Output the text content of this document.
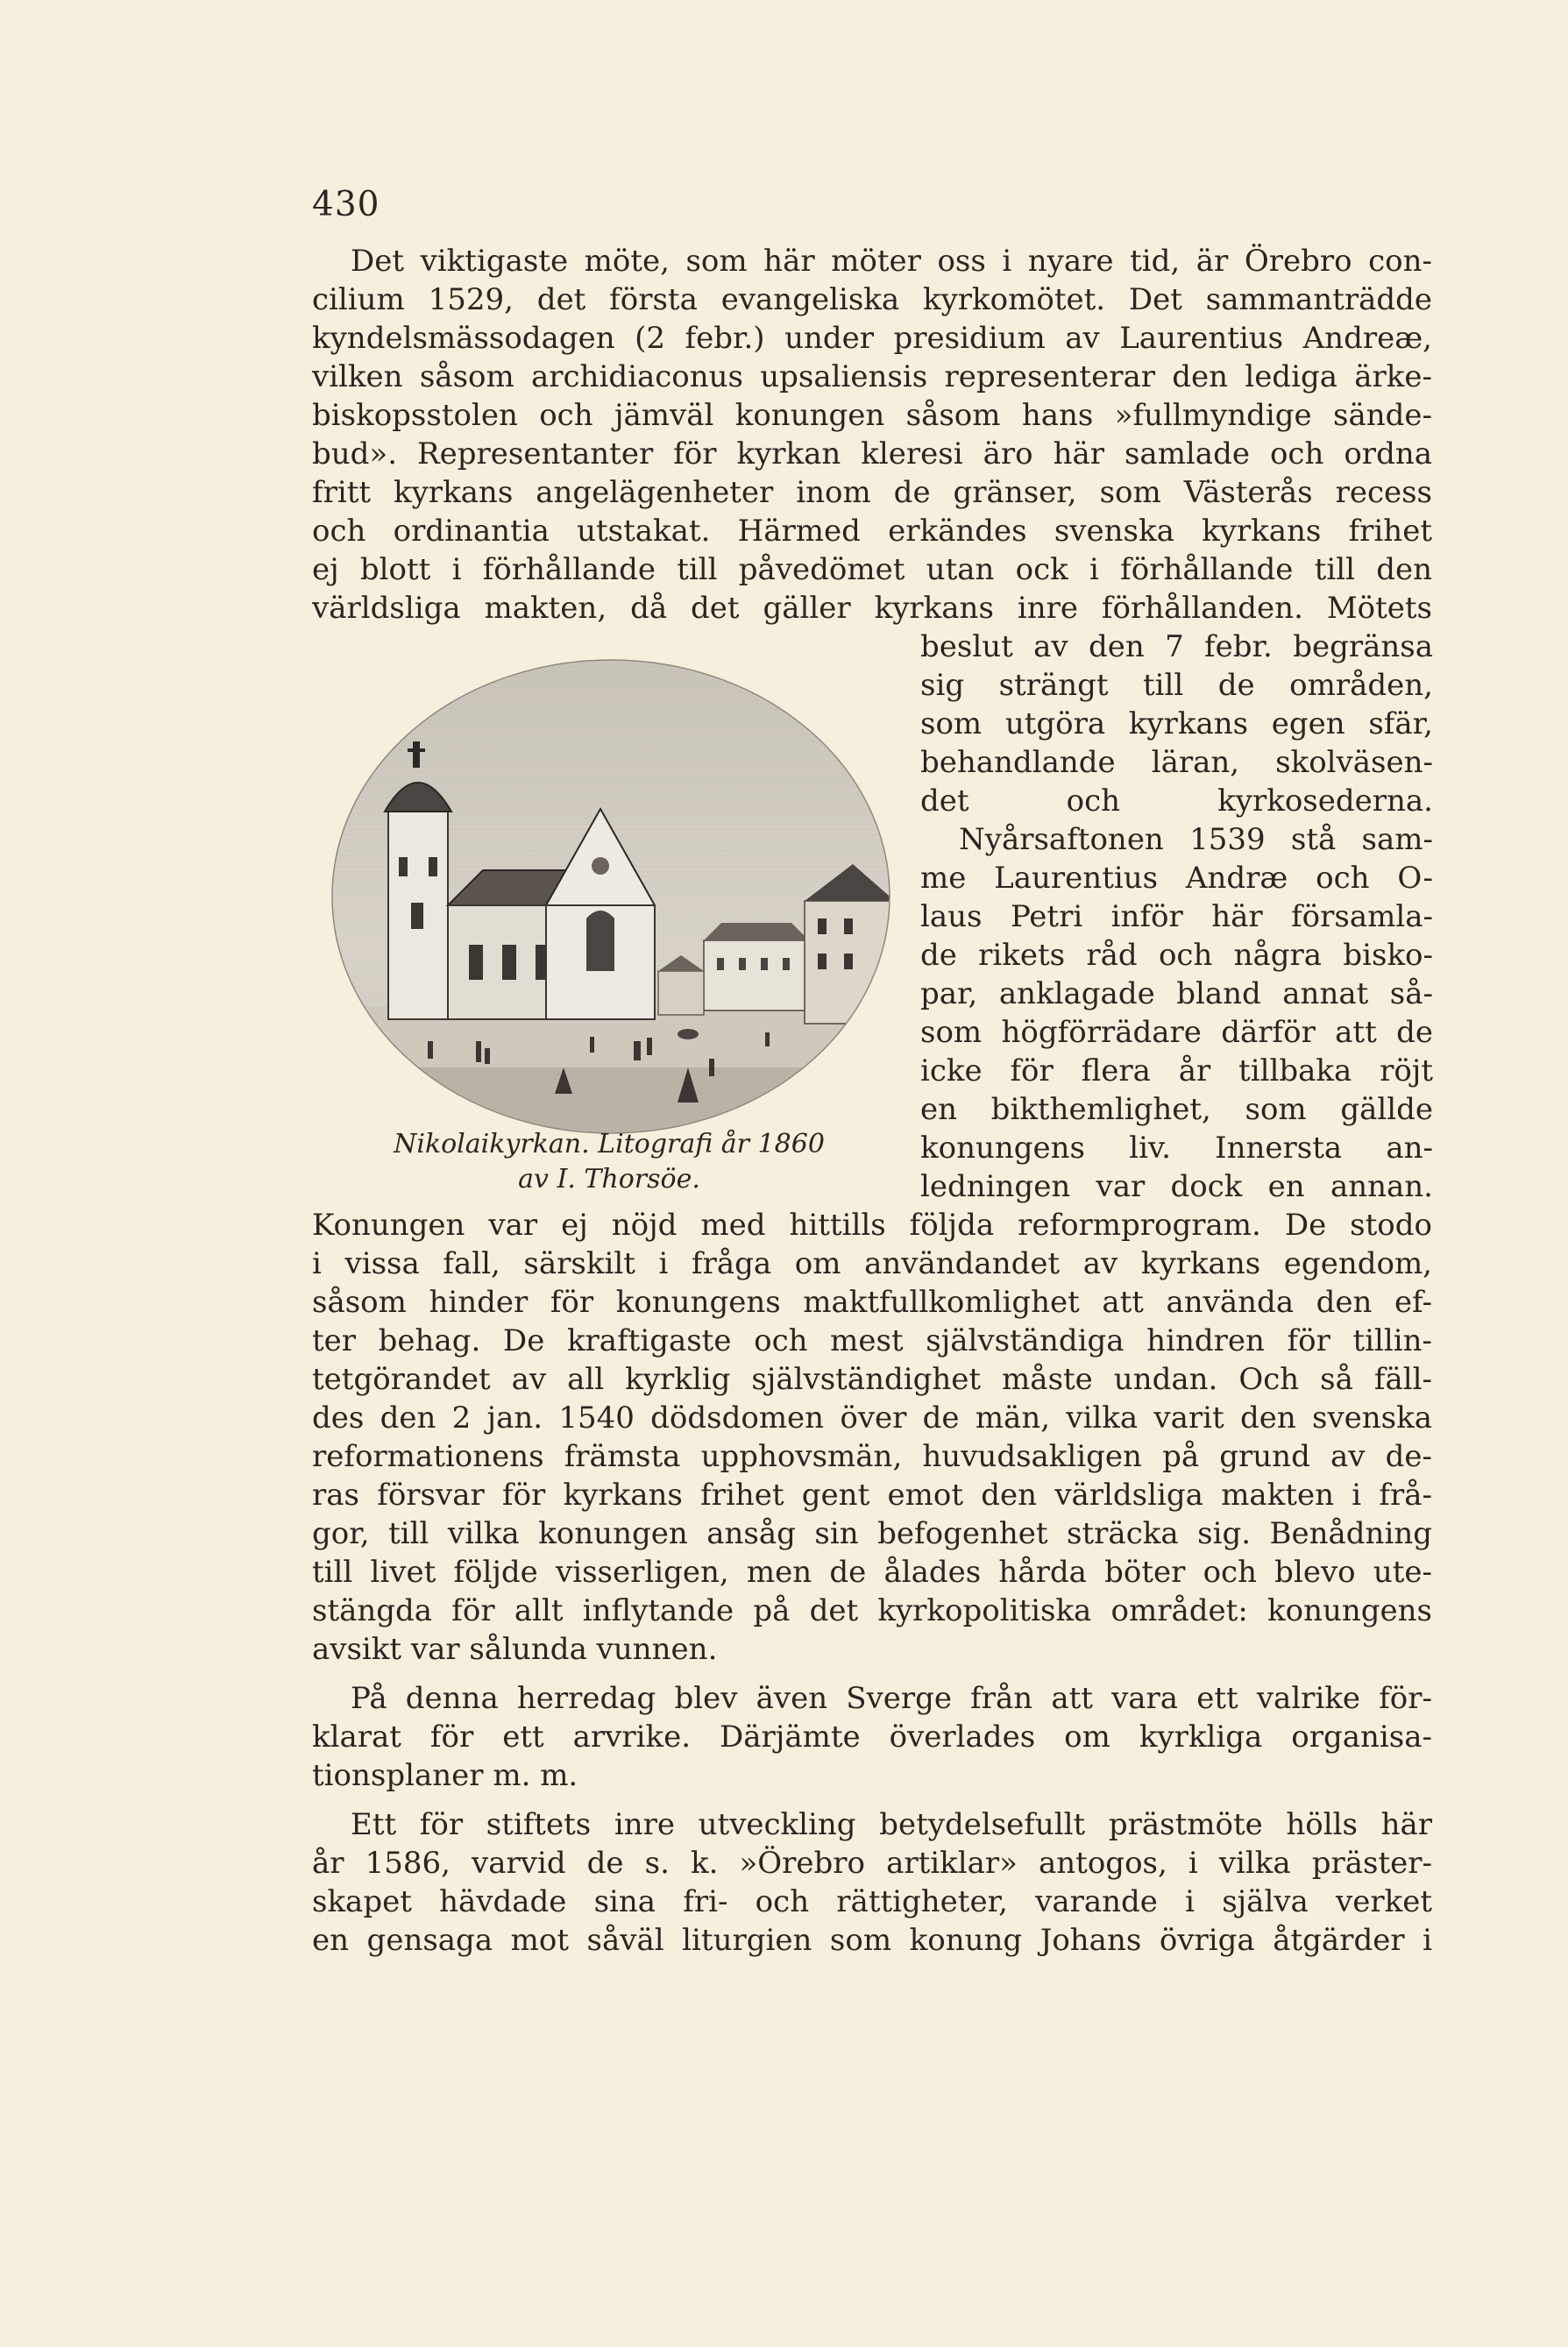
430

Det viktigaste möte, som här möter oss i nyare tid, är Örebro con-

cilium 1529, det första evangeliska kyrkomötet. Det sammanträdde

kyndelsmässodagen (2 febr.) under presidium av Laurentius Andreæ,

vilken såsom archidiaconus upsaliensis representerar den lediga ärke-

biskopsstolen och jämväl konungen såsom hans »fullmyndige sände-

bud». Representanter för kyrkan kleresi äro här samlade och ordna

fritt kyrkans angelägenheter inom de gränser, som Västerås recess

och ordinantia utstakat. Härmed erkändes svenska kyrkans frihet

ej blott i förhållande till påvedömet utan ock i förhållande till den

världsliga makten, då det gäller kyrkans inre förhållanden. Mötets

Nikolaikyrkan. Litografi år 1860
av I. Thorsöe.

beslut av den 7 febr. begränsa

sig strängt till de områden,

som utgöra kyrkans egen sfär,

behandlande läran, skolväsen-

det och kyrkosederna.

Nyårsaftonen 1539 stå sam-

me Laurentius Andræ och O-

laus Petri inför här församla-

de rikets råd och några bisko-

par, anklagade bland annat så-

som högförrädare därför att de

icke för flera år tillbaka röjt

en bikthemlighet, som gällde

konungens liv. Innersta an-

ledningen var dock en annan.

Konungen var ej nöjd med hittills följda reformprogram. De stodo

i vissa fall, särskilt i fråga om användandet av kyrkans egendom,

såsom hinder för konungens maktfullkomlighet att använda den ef-

ter behag. De kraftigaste och mest självständiga hindren för tillin-

tetgörandet av all kyrklig självständighet måste undan. Och så fäll-

des den 2 jan. 1540 dödsdomen över de män, vilka varit den svenska

reformationens främsta upphovsmän, huvudsakligen på grund av de-

ras försvar för kyrkans frihet gent emot den världsliga makten i frå-

gor, till vilka konungen ansåg sin befogenhet sträcka sig. Benådning

till livet följde visserligen, men de ålades hårda böter och blevo ute-

stängda för allt inflytande på det kyrkopolitiska området: konungens

avsikt var sålunda vunnen.

På denna herredag blev även Sverge från att vara ett valrike för-

klarat för ett arvrike. Därjämte överlades om kyrkliga organisa-

tionsplaner m. m.

Ett för stiftets inre utveckling betydelsefullt prästmöte hölls här

år 1586, varvid de s. k. »Örebro artiklar» antogos, i vilka präster-

skapet hävdade sina fri- och rättigheter, varande i själva verket

en gensaga mot såväl liturgien som konung Johans övriga åtgärder i
